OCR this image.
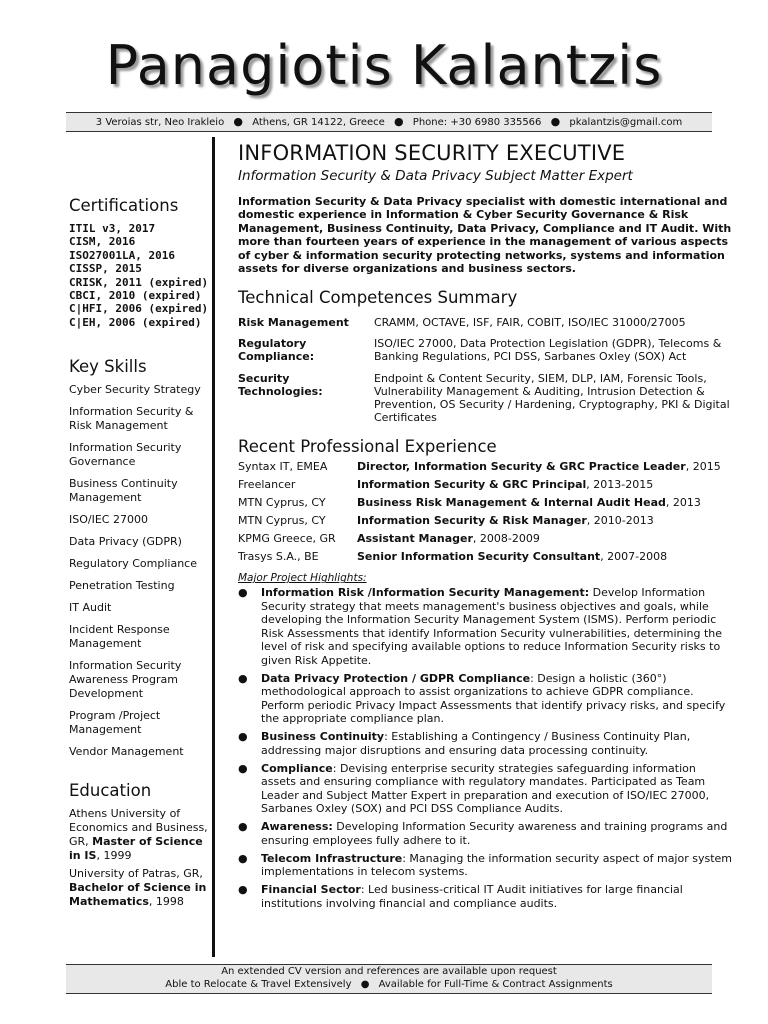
Panagiotis Kalantzis
3 Veroias str, Neo Irakleio ● Athens, GR 14122, Greece ● Phone: +30 6980 335566 ● pkalantzis@gmail.com
Certifications
ITIL v3, 2017
CISM, 2016
ISO27001LA, 2016
CISSP, 2015
CRISK, 2011 (expired)
CBCI, 2010 (expired)
C|HFI, 2006 (expired)
C|EH, 2006 (expired)
Key Skills
Cyber Security Strategy
Information Security & Risk Management
Information Security Governance
Business Continuity Management
ISO/IEC 27000
Data Privacy (GDPR)
Regulatory Compliance
Penetration Testing
IT Audit
Incident Response Management
Information Security Awareness Program Development
Program /Project Management
Vendor Management
Education
Athens University of Economics and Business, GR, Master of Science in IS, 1999
University of Patras, GR, Bachelor of Science in Mathematics, 1998
INFORMATION SECURITY EXECUTIVE
Information Security & Data Privacy Subject Matter Expert
Information Security & Data Privacy specialist with domestic international and domestic experience in Information & Cyber Security Governance & Risk Management, Business Continuity, Data Privacy, Compliance and IT Audit. With more than fourteen years of experience in the management of various aspects of cyber & information security protecting networks, systems and information assets for diverse organizations and business sectors.
Technical Competences Summary
Risk Management	CRAMM, OCTAVE, ISF, FAIR, COBIT, ISO/IEC 31000/27005
Regulatory Compliance:
ISO/IEC 27000, Data Protection Legislation (GDPR), Telecoms & Banking Regulations, PCI DSS, Sarbanes Oxley (SOX) Act
Security Technologies:
Endpoint & Content Security, SIEM, DLP, IAM, Forensic Tools, Vulnerability Management & Auditing, Intrusion Detection & Prevention, OS Security / Hardening, Cryptography, PKI & Digital Certificates
Recent Professional Experience
Syntax IT, EMEA	Director, Information Security & GRC Practice Leader, 2015
Freelancer	Information Security & GRC Principal, 2013-2015
MTN Cyprus, CY	Business Risk Management & Internal Audit Head, 2013
MTN Cyprus, CY	Information Security & Risk Manager, 2010-2013
KPMG Greece, GR	Assistant Manager, 2008-2009
Trasys S.A., BE	Senior Information Security Consultant, 2007-2008
Major Project Highlights:
● Information Risk /Information Security Management: Develop Information Security strategy that meets management's business objectives and goals, while developing the Information Security Management System (ISMS). Perform periodic Risk Assessments that identify Information Security vulnerabilities, determining the level of risk and specifying available options to reduce Information Security risks to given Risk Appetite.
● Data Privacy Protection / GDPR Compliance: Design a holistic (360°) methodological approach to assist organizations to achieve GDPR compliance. Perform periodic Privacy Impact Assessments that identify privacy risks, and specify the appropriate compliance plan.
● Business Continuity: Establishing a Contingency / Business Continuity Plan, addressing major disruptions and ensuring data processing continuity.
● Compliance: Devising enterprise security strategies safeguarding information assets and ensuring compliance with regulatory mandates. Participated as Team Leader and Subject Matter Expert in preparation and execution of ISO/IEC 27000, Sarbanes Oxley (SOX) and PCI DSS Compliance Audits.
● Awareness: Developing Information Security awareness and training programs and ensuring employees fully adhere to it.
● Telecom Infrastructure: Managing the information security aspect of major system implementations in telecom systems.
● Financial Sector: Led business-critical IT Audit initiatives for large financial institutions involving financial and compliance audits.
An extended CV version and references are available upon request
Able to Relocate & Travel Extensively ● Available for Full-Time & Contract Assignments
